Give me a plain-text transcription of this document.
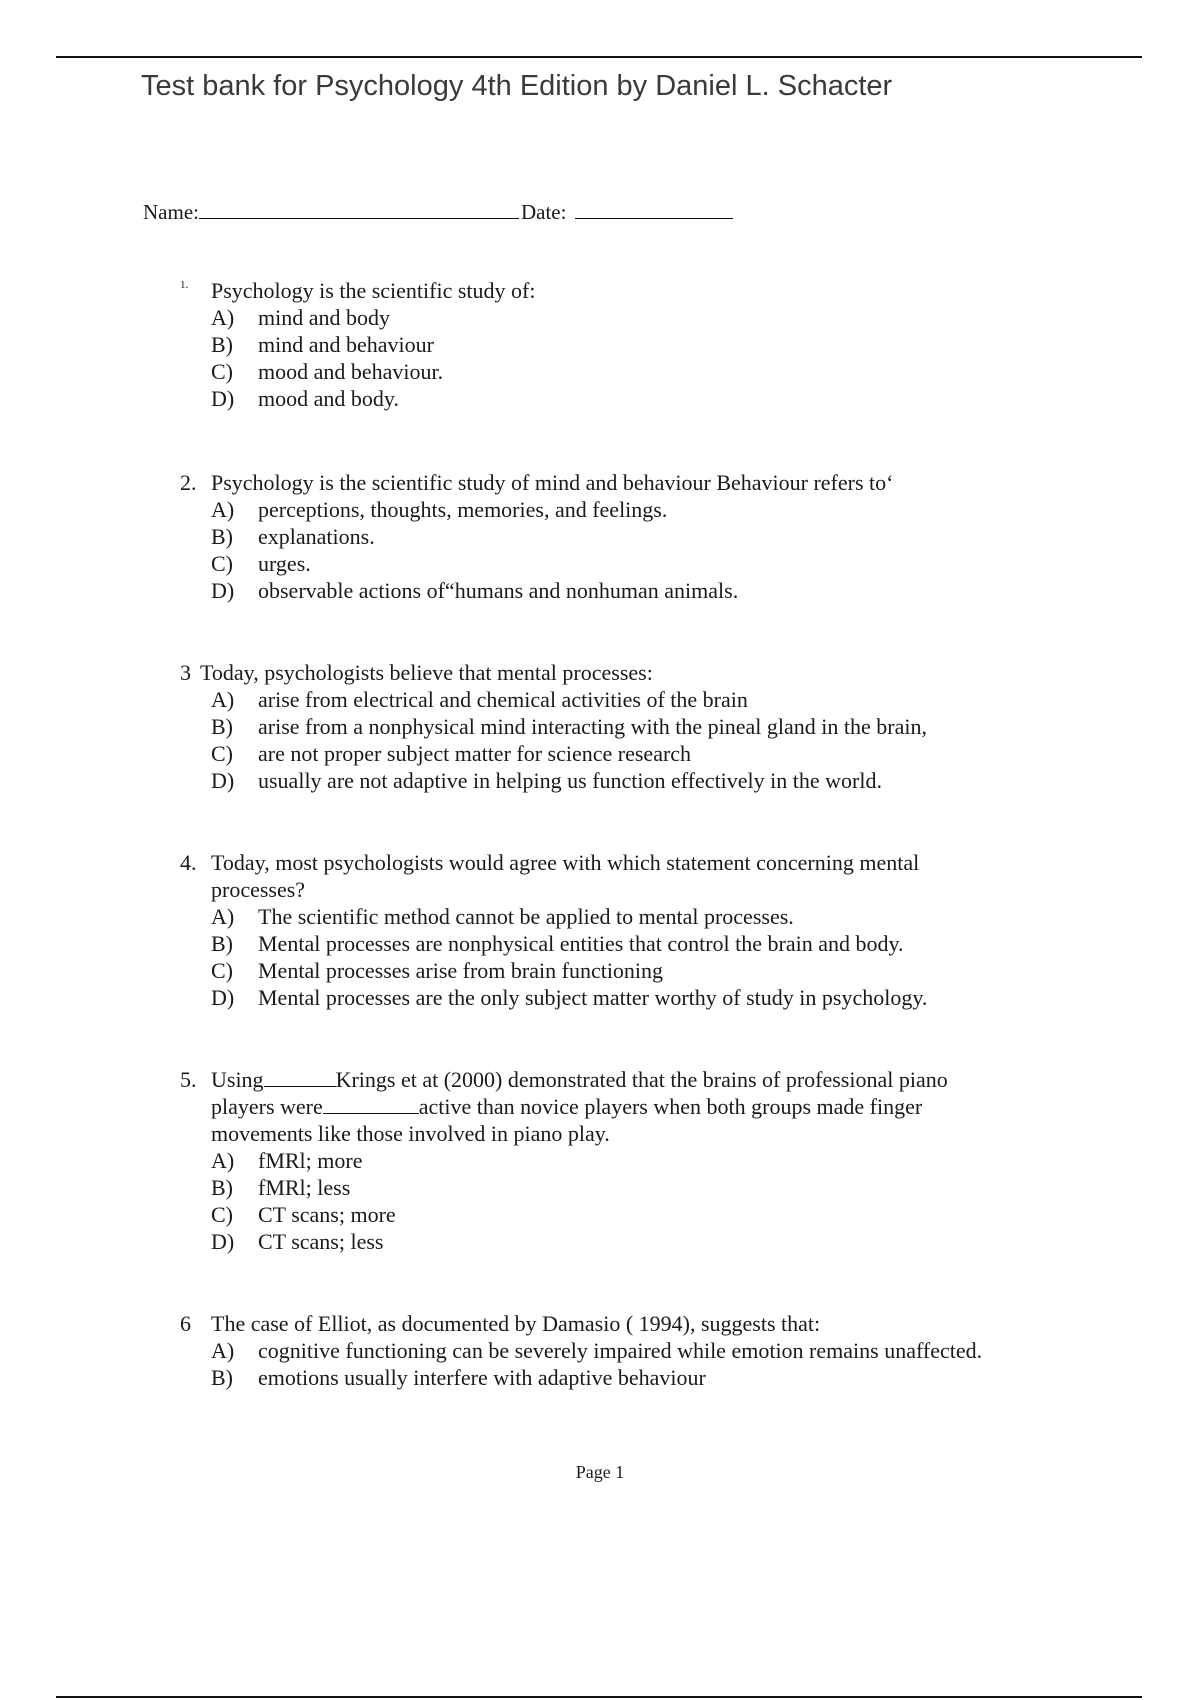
Test bank for Psychology 4th Edition by Daniel L. Schacter
Name:	Date:
1.	Psychology is the scientific study of:
A)	mind and body
B)	mind and behaviour
C)	mood and behaviour.
D)	mood and body.
2. Psychology is the scientific study of mind and behaviour Behaviour refers to‘
A)	perceptions, thoughts, memories, and feelings.
B)	explanations.
C)	urges.
D)	observable actions of“humans and nonhuman animals.
3 Today, psychologists believe that mental processes:
A)	arise from electrical and chemical activities of the brain
B)	arise from a nonphysical mind interacting with the pineal gland in the brain,
C)	are not proper subject matter for science research
D)	usually are not adaptive in helping us function effectively in the world.
4. Today, most psychologists would agree with which statement concerning mental processes?
A)	The scientific method cannot be applied to mental processes.
B)	Mental processes are nonphysical entities that control the brain and body.
C)	Mental processes arise from brain functioning
D)	Mental processes are the only subject matter worthy of study in psychology.
5. Using	Krings et at (2000) demonstrated that the brains of professional piano players were	active than novice players when both groups made finger movements like those involved in piano play.
A)	fMRl; more
B)	fMRl; less
C)	CT scans; more
D)	CT scans; less
6 The case of Elliot, as documented by Damasio ( 1994), suggests that:
A)	cognitive functioning can be severely impaired while emotion remains unaffected.
B)	emotions usually interfere with adaptive behaviour
Page 1
